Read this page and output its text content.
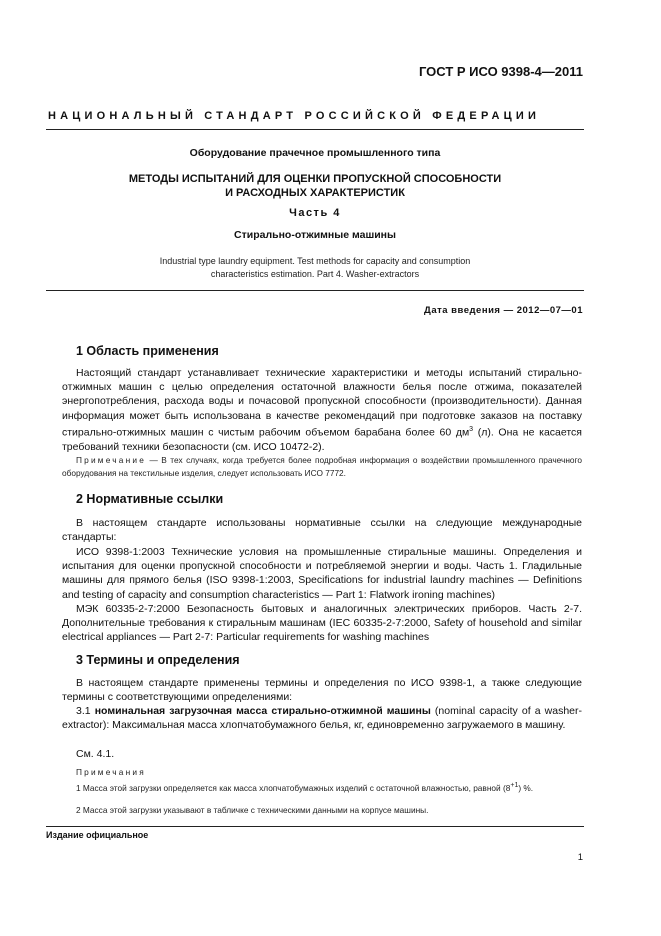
ГОСТ Р ИСО 9398-4—2011
НАЦИОНАЛЬНЫЙ СТАНДАРТ РОССИЙСКОЙ ФЕДЕРАЦИИ
Оборудование прачечное промышленного типа
МЕТОДЫ ИСПЫТАНИЙ ДЛЯ ОЦЕНКИ ПРОПУСКНОЙ СПОСОБНОСТИ
И РАСХОДНЫХ ХАРАКТЕРИСТИК
Часть 4
Стирально-отжимные машины
Industrial type laundry equipment. Test methods for capacity and consumption
characteristics estimation. Part 4. Washer-extractors
Дата введения — 2012—07—01
1 Область применения
Настоящий стандарт устанавливает технические характеристики и методы испытаний стирально-отжимных машин с целью определения остаточной влажности белья после отжима, показателей энергопотребления, расхода воды и почасовой пропускной способности (производительности). Данная информация может быть использована в качестве рекомендаций при подготовке заказов на поставку стирально-отжимных машин с чистым рабочим объемом барабана более 60 $дм^3$ (л). Она не касается требований техники безопасности (см. ИСО 10472-2).
Примечание — В тех случаях, когда требуется более подробная информация о воздействии промышленного прачечного оборудования на текстильные изделия, следует использовать ИСО 7772.
2 Нормативные ссылки
В настоящем стандарте использованы нормативные ссылки на следующие международные стандарты:
ИСО 9398-1:2003 Технические условия на промышленные стиральные машины. Определения и испытания для оценки пропускной способности и потребляемой энергии и воды. Часть 1. Гладильные машины для прямого белья (ISO 9398-1:2003, Specifications for industrial laundry machines — Definitions and testing of capacity and consumption characteristics — Part 1: Flatwork ironing machines)
МЭК 60335-2-7:2000 Безопасность бытовых и аналогичных электрических приборов. Часть 2-7. Дополнительные требования к стиральным машинам (IEC 60335-2-7:2000, Safety of household and similar electrical appliances — Part 2-7: Particular requirements for washing machines
3 Термины и определения
В настоящем стандарте применены термины и определения по ИСО 9398-1, а также следующие термины с соответствующими определениями:
3.1 номинальная загрузочная масса стирально-отжимной машины (nominal capacity of a washer-extractor): Максимальная масса хлопчатобумажного белья, кг, единовременно загружаемого в машину.
См. 4.1.
Примечания
1 Масса этой загрузки определяется как масса хлопчатобумажных изделий с остаточной влажностью, равной $(8^{+1})$ %.
2 Масса этой загрузки указывают в табличке с техническими данными на корпусе машины.
Издание официальное
1
